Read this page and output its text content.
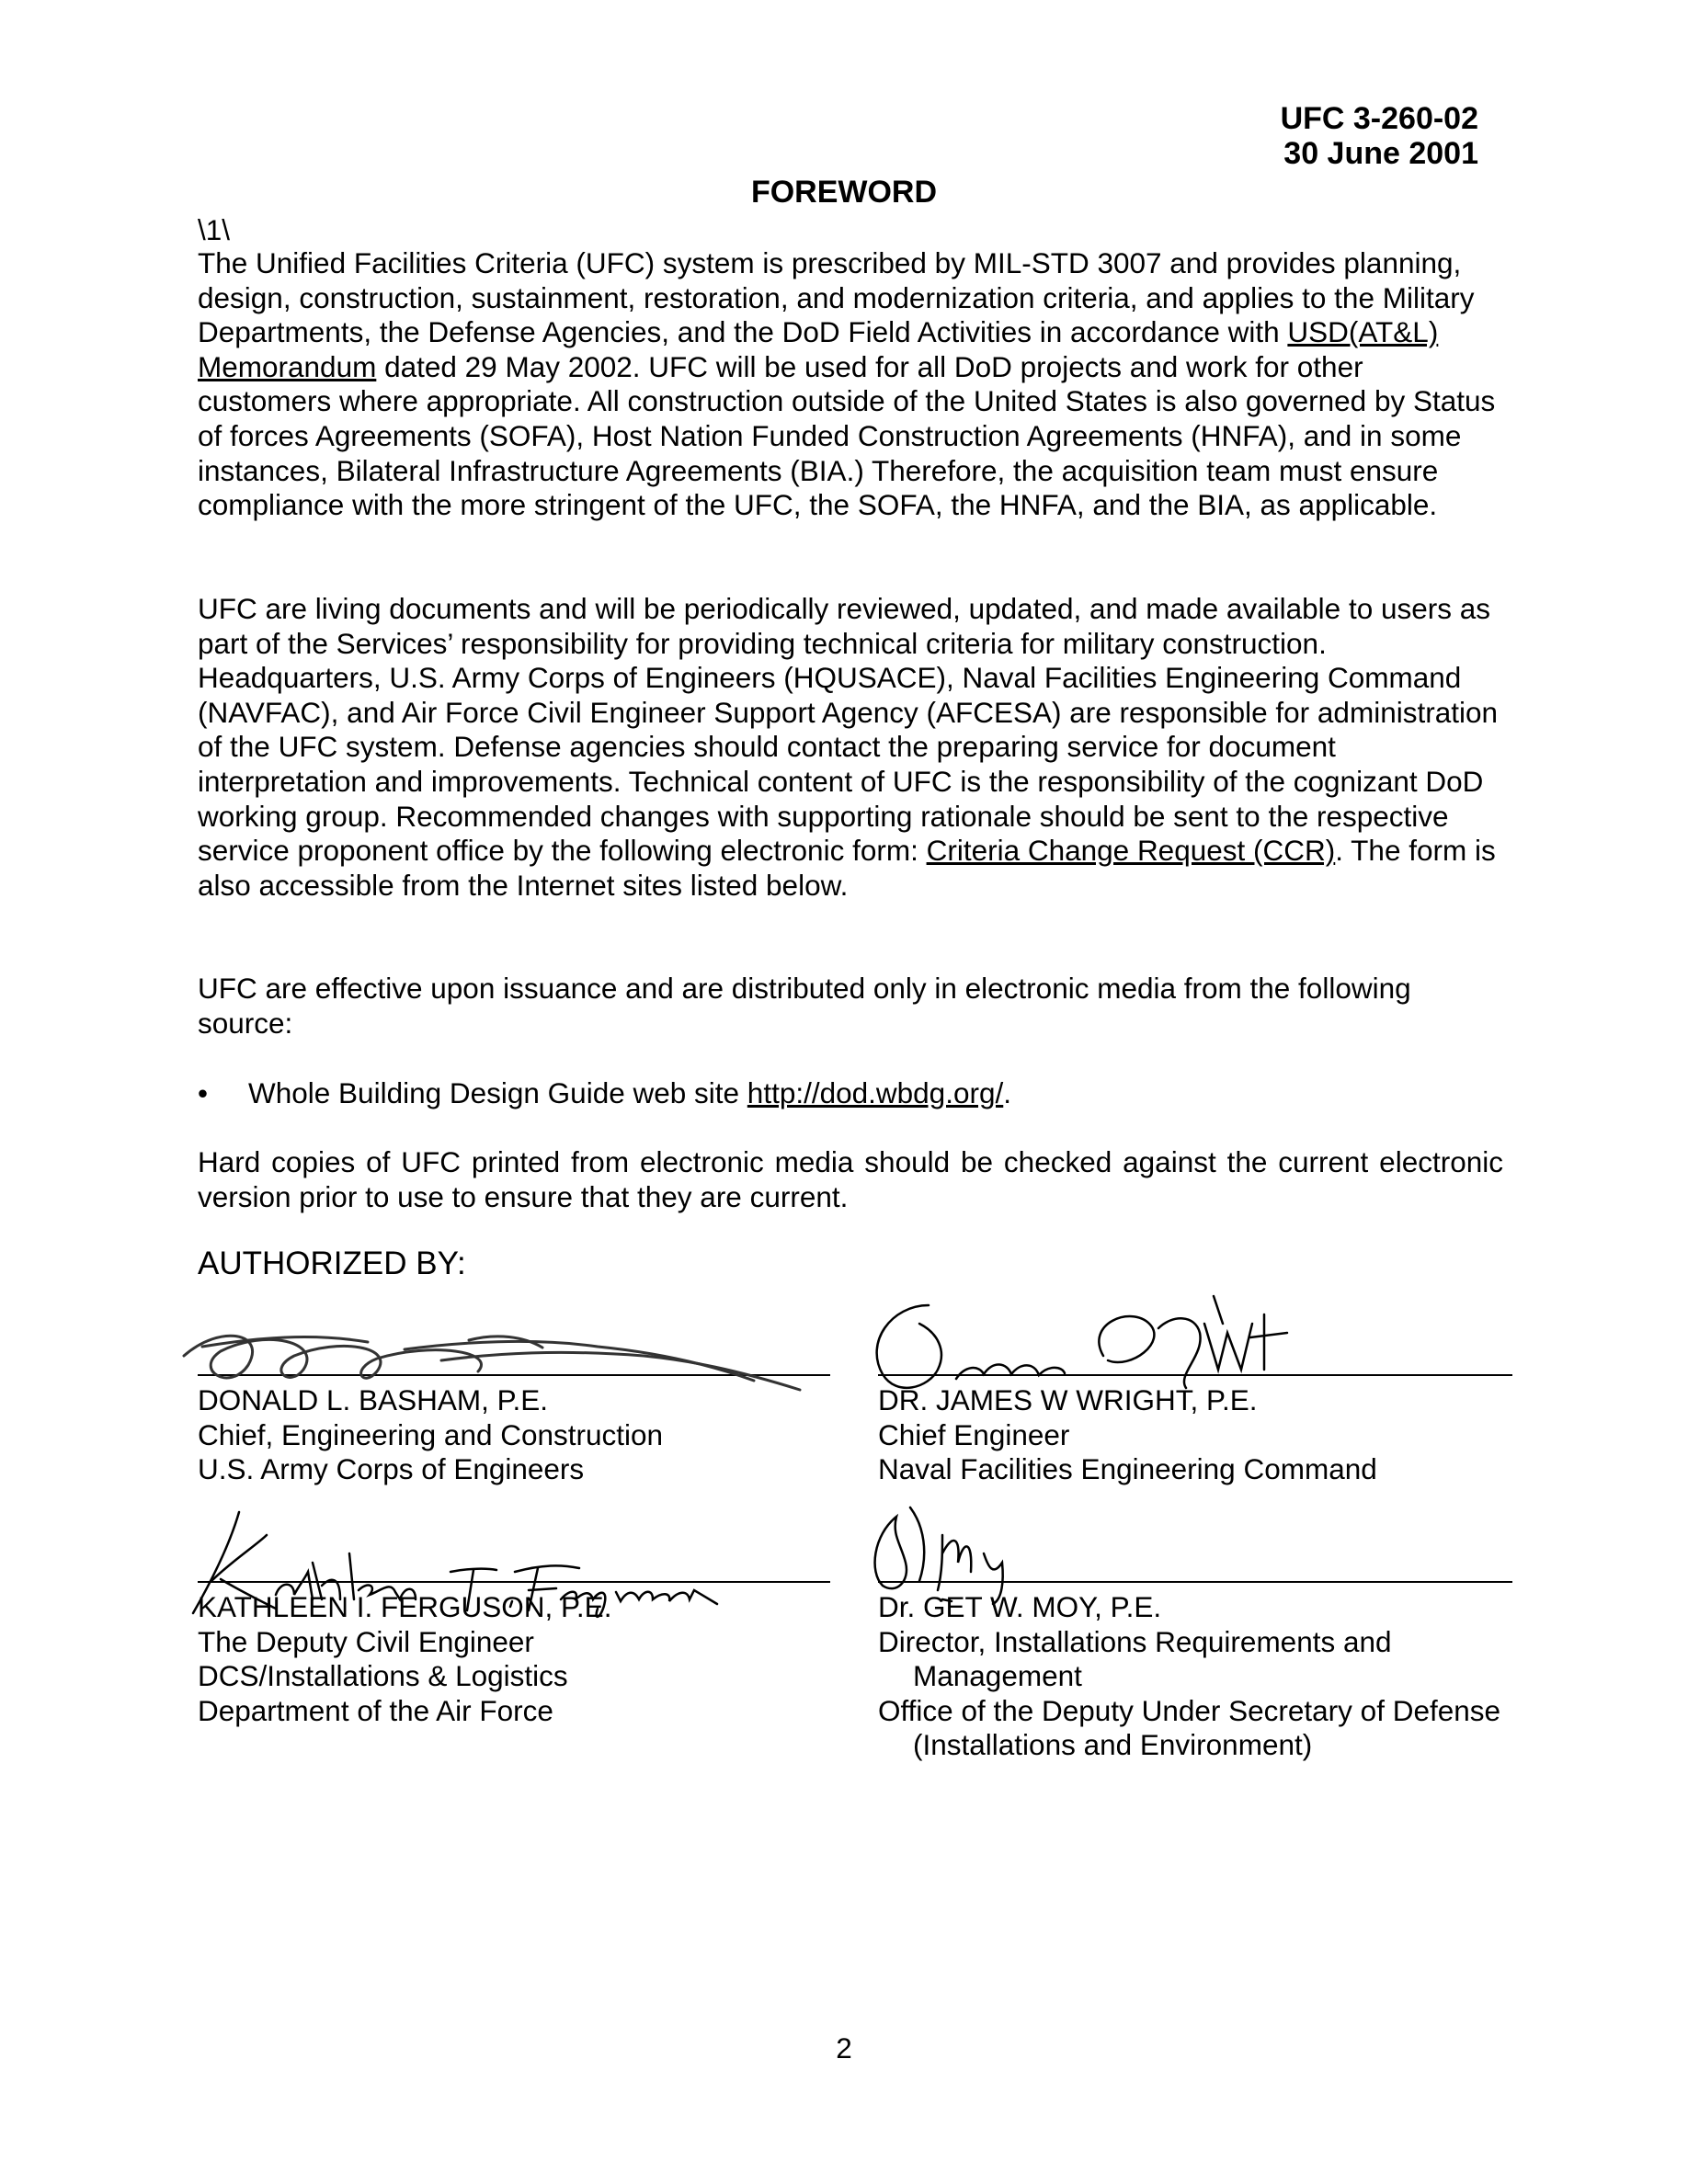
UFC 3-260-02
30 June 2001
FOREWORD
\1\
The Unified Facilities Criteria (UFC) system is prescribed by MIL-STD 3007 and provides planning, design, construction, sustainment, restoration, and modernization criteria, and applies to the Military Departments, the Defense Agencies, and the DoD Field Activities in accordance with USD(AT&L) Memorandum dated 29 May 2002. UFC will be used for all DoD projects and work for other customers where appropriate. All construction outside of the United States is also governed by Status of forces Agreements (SOFA), Host Nation Funded Construction Agreements (HNFA), and in some instances, Bilateral Infrastructure Agreements (BIA.) Therefore, the acquisition team must ensure compliance with the more stringent of the UFC, the SOFA, the HNFA, and the BIA, as applicable.
UFC are living documents and will be periodically reviewed, updated, and made available to users as part of the Services’ responsibility for providing technical criteria for military construction. Headquarters, U.S. Army Corps of Engineers (HQUSACE), Naval Facilities Engineering Command (NAVFAC), and Air Force Civil Engineer Support Agency (AFCESA) are responsible for administration of the UFC system. Defense agencies should contact the preparing service for document interpretation and improvements. Technical content of UFC is the responsibility of the cognizant DoD working group. Recommended changes with supporting rationale should be sent to the respective service proponent office by the following electronic form: Criteria Change Request (CCR). The form is also accessible from the Internet sites listed below.
UFC are effective upon issuance and are distributed only in electronic media from the following source:
• Whole Building Design Guide web site http://dod.wbdg.org/.
Hard copies of UFC printed from electronic media should be checked against the current electronic version prior to use to ensure that they are current.
AUTHORIZED BY:
DONALD L. BASHAM, P.E.
Chief, Engineering and Construction
U.S. Army Corps of Engineers
DR. JAMES W WRIGHT, P.E.
Chief Engineer
Naval Facilities Engineering Command
KATHLEEN I. FERGUSON, P.E.
The Deputy Civil Engineer
DCS/Installations & Logistics
Department of the Air Force
Dr. GET W. MOY, P.E.
Director, Installations Requirements and
Management
Office of the Deputy Under Secretary of Defense
(Installations and Environment)
2
